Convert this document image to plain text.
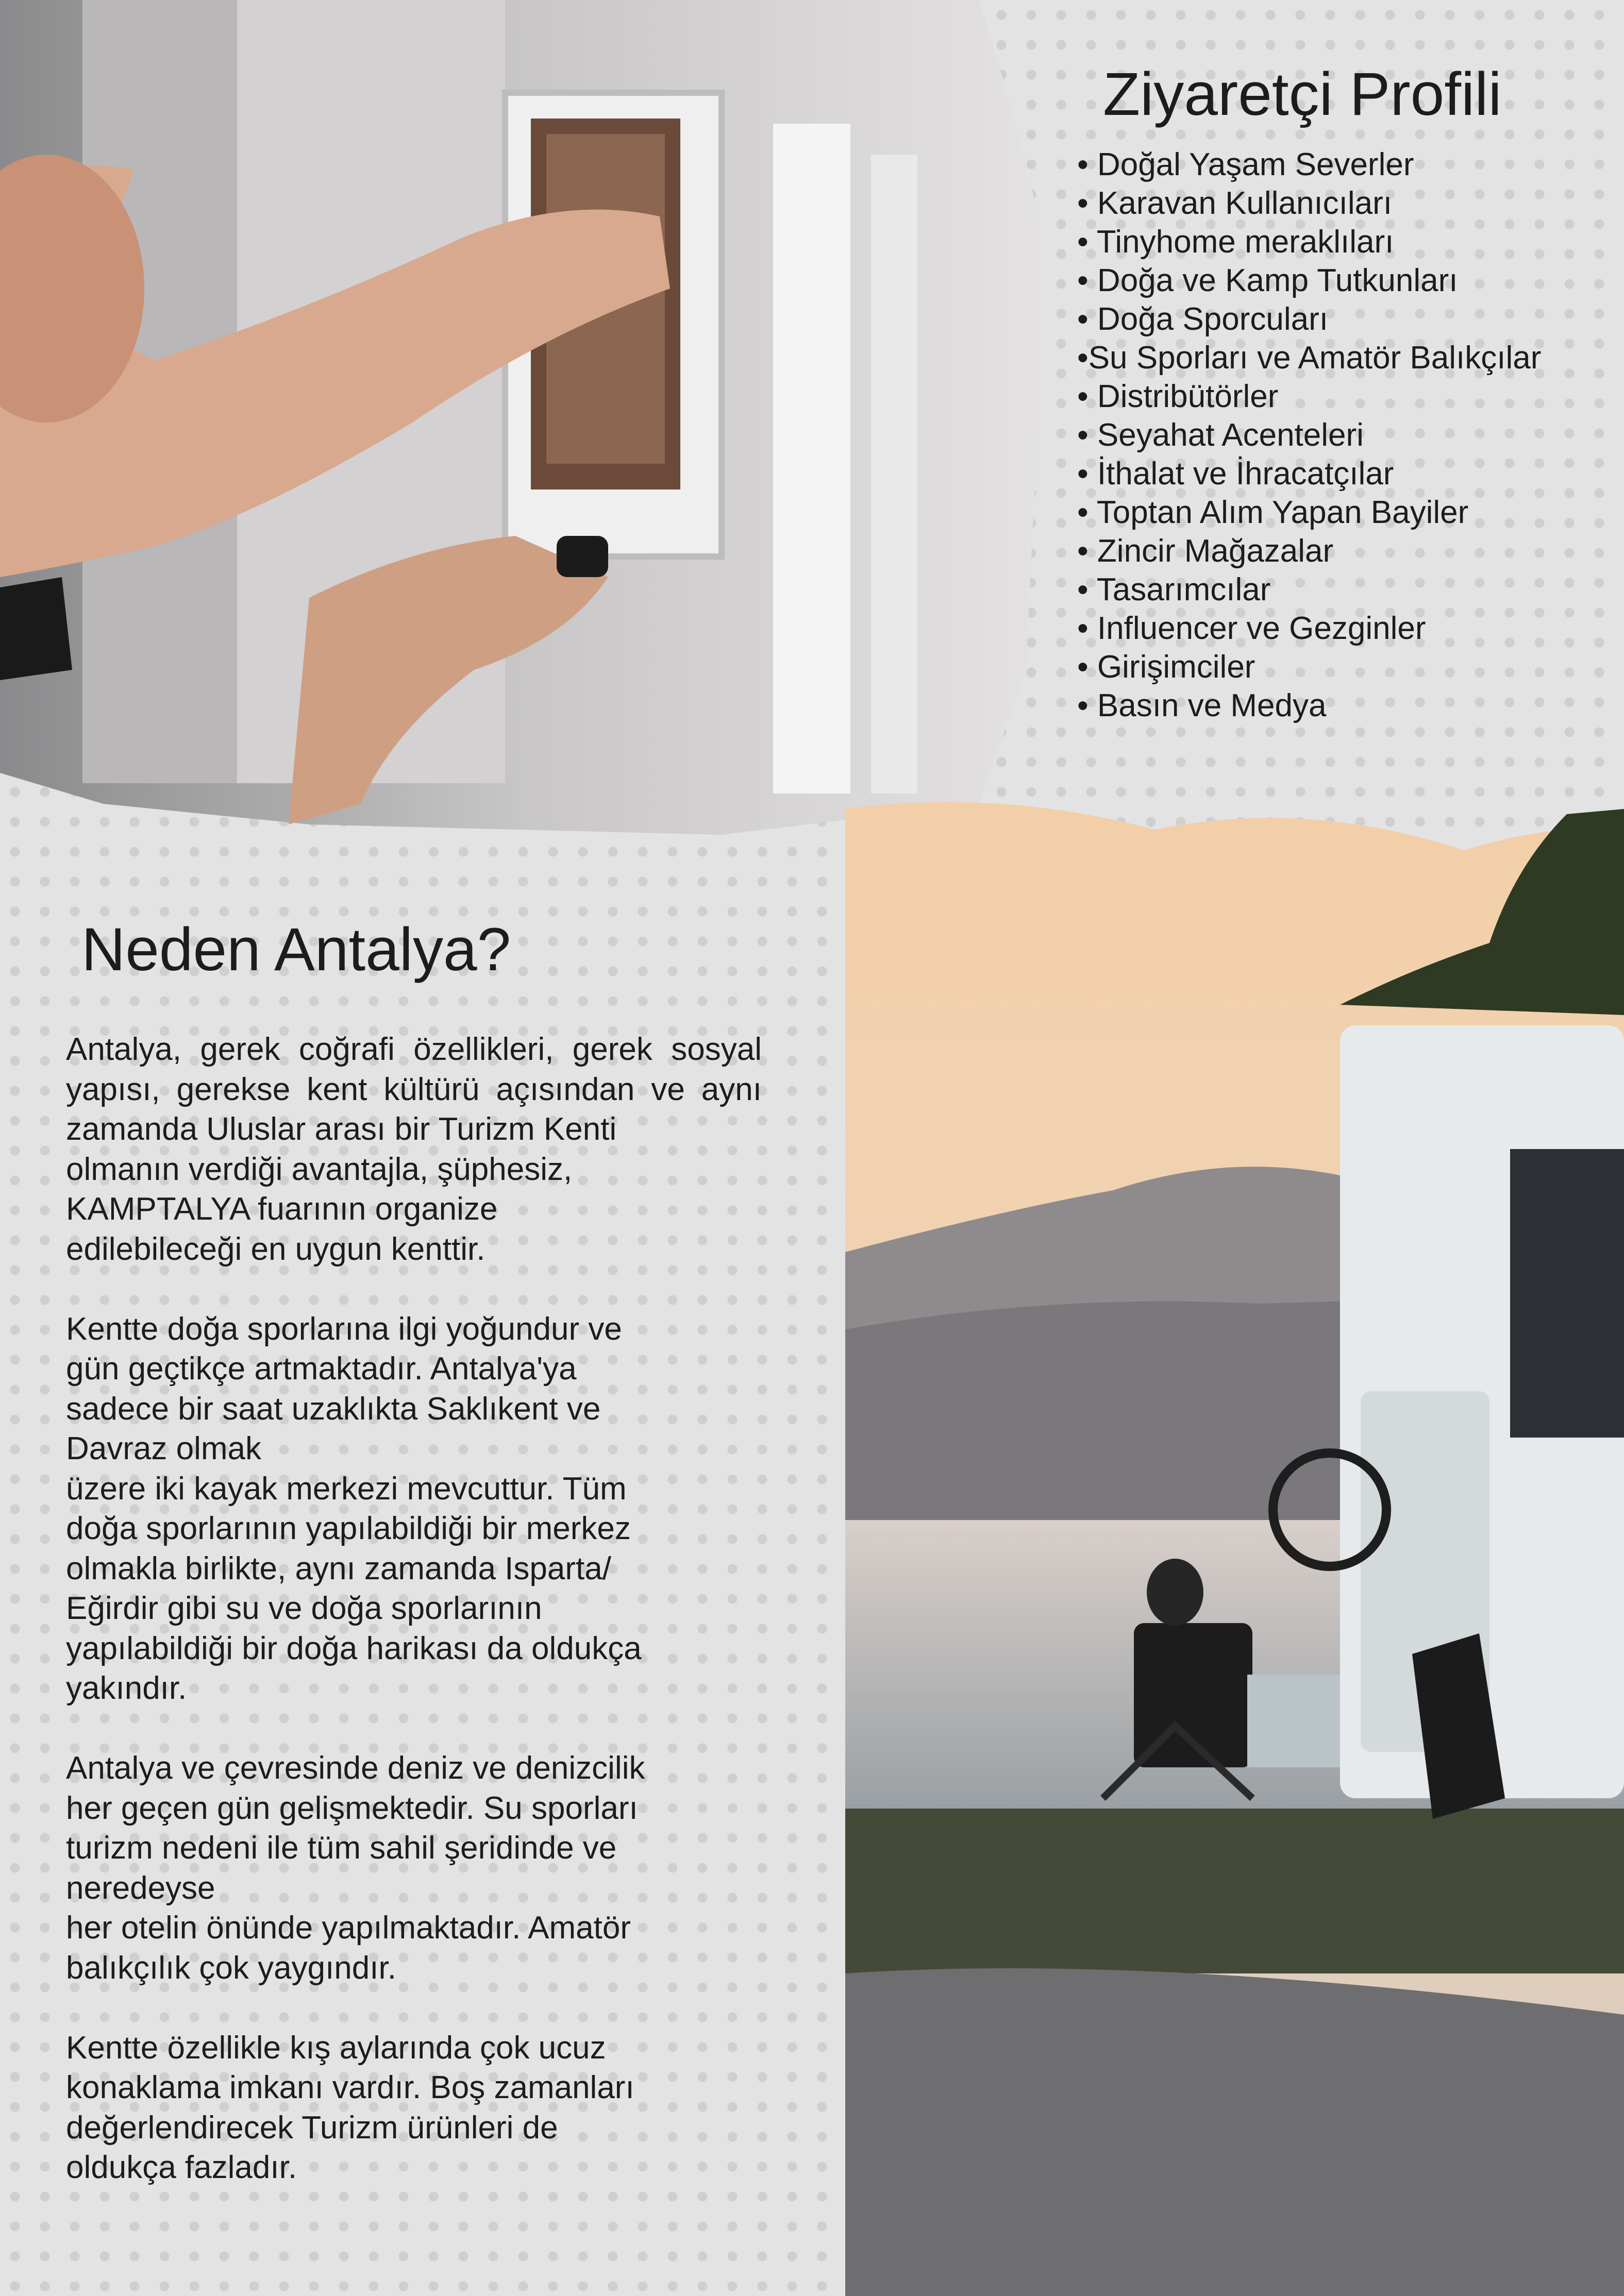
Ziyaretçi Profili
• Doğal Yaşam Severler
• Karavan Kullanıcıları
• Tinyhome meraklıları
• Doğa ve Kamp Tutkunları
• Doğa Sporcuları
•Su Sporları ve Amatör Balıkçılar
• Distribütörler
• Seyahat Acenteleri
• İthalat ve İhracatçılar
• Toptan Alım Yapan Bayiler
• Zincir Mağazalar
• Tasarımcılar
• Influencer ve Gezginler
• Girişimciler
• Basın ve Medya
Neden Antalya?

Antalya, gerek coğrafi özellikleri, gerek sosyal yapısı, gerekse kent kültürü açısından ve aynı zamanda Uluslar arası bir Turizm Kenti
olmanın verdiği avantajla, şüphesiz,
KAMPTALYA fuarının organize
edilebileceği en uygun kenttir.

Kentte doğa sporlarına ilgi yoğundur ve
gün geçtikçe artmaktadır. Antalya'ya
sadece bir saat uzaklıkta Saklıkent ve
Davraz olmak
üzere iki kayak merkezi mevcuttur. Tüm
doğa sporlarının yapılabildiği bir merkez
olmakla birlikte, aynı zamanda Isparta/
Eğirdir gibi su ve doğa sporlarının
yapılabildiği bir doğa harikası da oldukça
yakındır.

Antalya ve çevresinde deniz ve denizcilik
her geçen gün gelişmektedir. Su sporları
turizm nedeni ile tüm sahil şeridinde ve
neredeyse
her otelin önünde yapılmaktadır. Amatör
balıkçılık çok yaygındır.

Kentte özellikle kış aylarında çok ucuz
konaklama imkanı vardır. Boş zamanları
değerlendirecek Turizm ürünleri de
oldukça fazladır.
